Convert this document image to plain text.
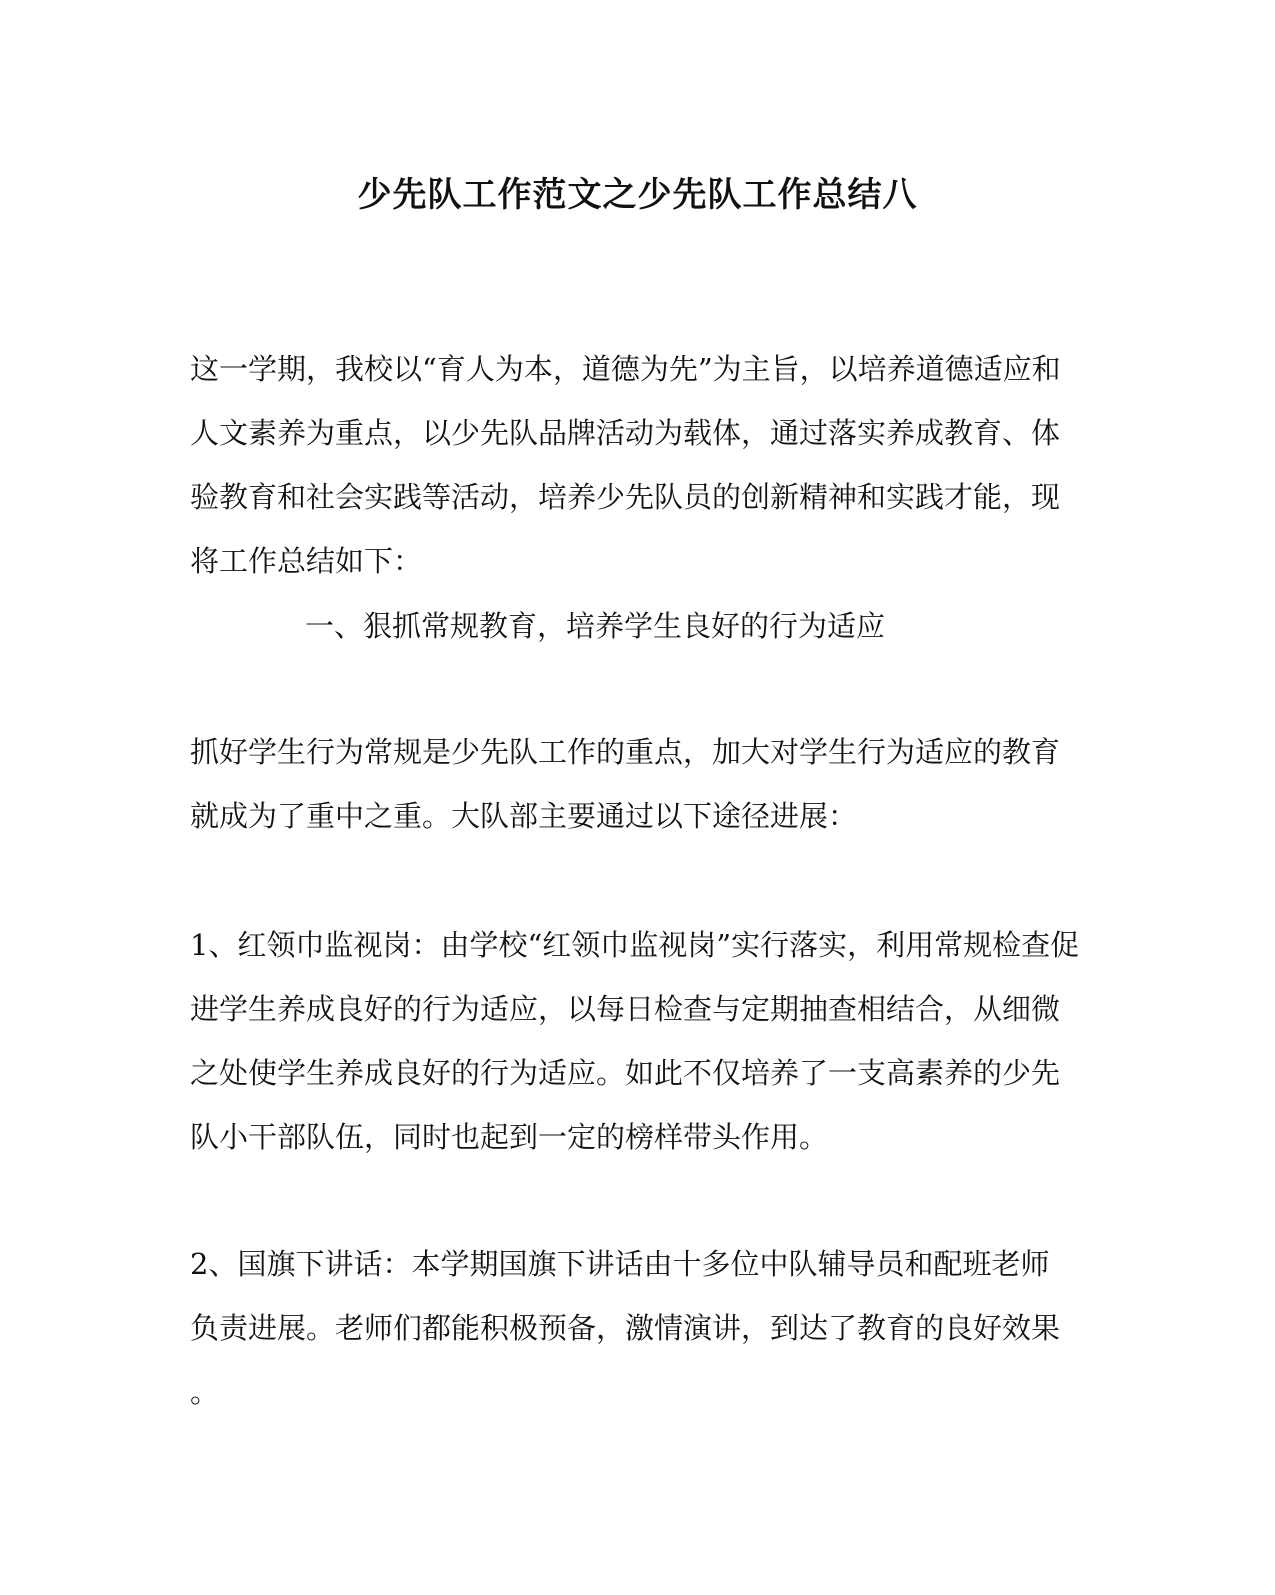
少先队工作范文之少先队工作总结八

这一学期，我校以“育人为本，道德为先”为主旨，以培养道德适应和
人文素养为重点，以少先队品牌活动为载体，通过落实养成教育、体
验教育和社会实践等活动，培养少先队员的创新精神和实践才能，现
将工作总结如下：

一、狠抓常规教育，培养学生良好的行为适应

抓好学生行为常规是少先队工作的重点，加大对学生行为适应的教育
就成为了重中之重。大队部主要通过以下途径进展：

1、红领巾监视岗：由学校“红领巾监视岗”实行落实，利用常规检查促
进学生养成良好的行为适应，以每日检查与定期抽查相结合，从细微
之处使学生养成良好的行为适应。如此不仅培养了一支高素养的少先
队小干部队伍，同时也起到一定的榜样带头作用。

2、国旗下讲话：本学期国旗下讲话由十多位中队辅导员和配班老师
负责进展。老师们都能积极预备，激情演讲，到达了教育的良好效果
。
